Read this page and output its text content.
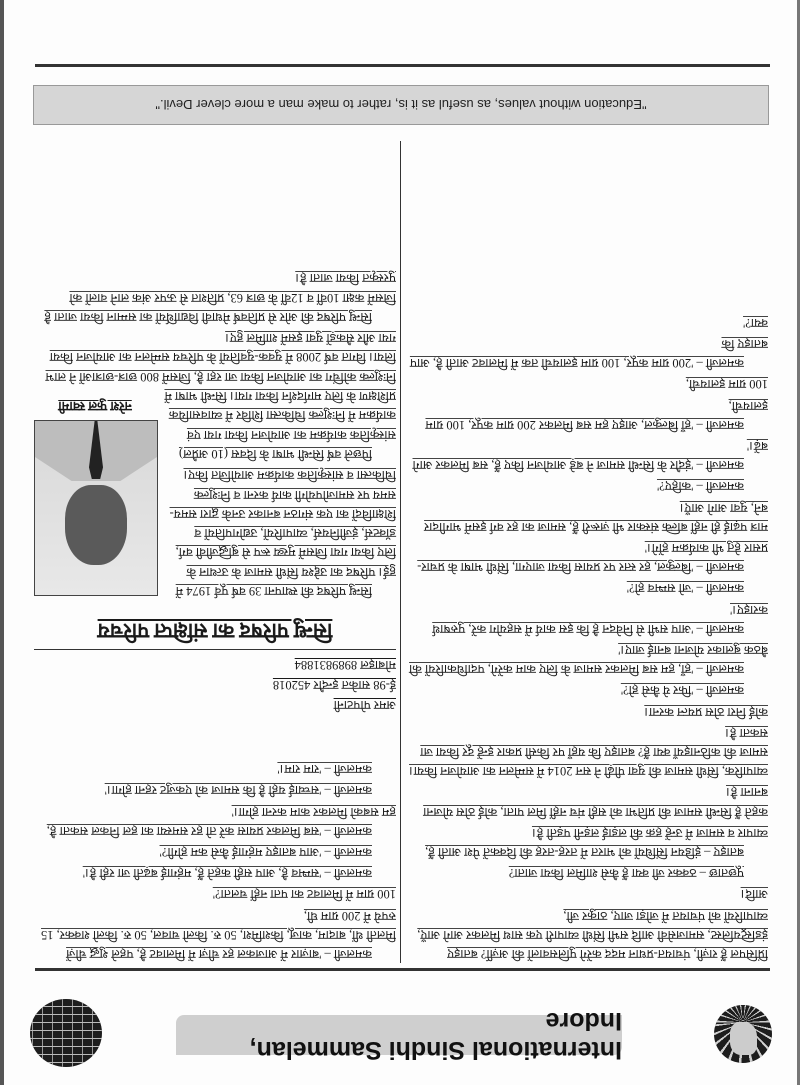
International Sindhi Sammelan, Indore

प्रिंसिपल हैं राज़ी, पंचायत-प्रधान मदद करेंगे पुलिसवालों की अर्ज़ी? बताइए इंडस्ट्रियलिस्ट, समाजसेवी आदि सभी सिंधी व्यापारी एक साथ मिलकर आगे आएँ, व्यापारियों को पंचायत में जोड़ा जाए, ठाकुर जी,

आदि।

पूछताछ – ठक्कर जी क्या हैं कैसे शामिल किया जाता?

बताइए – इंडियन सिंधियों को भारत में तरह-तरह की दिक्कतें पेश आती हैं, व्यापार व समाज में उन्हें हक़ की लड़ाई लड़नी पड़ती है।

कहते हैं सिन्धी समाज की प्रतिभा को सही मंच नहीं मिल पाता, कोई ठोस योजना बनाना है।

व्यापारिक, सिंधी समाज की युवा पीढ़ी ने सन 2014 में सम्मेलन का आयोजन किया। समाज की कठिनाइयाँ क्या हैं? बताइए कि यहाँ पर किसी प्रकार इन्हें दूर किया जा सकता है।

कोई निरा ठोस प्रयत्न करना।

कमलजी – 'फिर ये कैसे हो?'

कमलजी – 'हाँ, हम सब मिलकर समाज के लिए काम करेंगे, पदाधिकारियों की बैठक बुलाकर योजना बनाई जाए।'

कमलजी – 'आप सभी से निवेदन है कि इस कार्य में सहयोग करें, पुरुषार्थ कराइए।'

कमलजी – 'जो सम्भव हो?'

कमलजी – 'बिल्कुल, हर स्तर पर प्रयास किया जाएगा, सिंधी भाषा के प्रचार-प्रसार हेतु भी कार्यक्रम होंगे।'

मात्र पढ़ाई ही नहीं बल्कि संस्कार भी ज़रूरी हैं, समाज का हर वर्ग इसमें भागीदार बने, युवा आगे आएँ।

कमलजी – 'कहिए?'

कमलजी – 'इंदौर के सिन्धी समाज ने बड़े आयोजन किए हैं, सब मिलकर आगे बढ़ें।'

कमलजी – 'हाँ बिल्कुल, आइए हम सब मिलकर 200 ग्राम कपूर, 100 ग्राम इलायची,

100 ग्राम इलायची,

कमलजी – '200 ग्राम कपूर, 100 ग्राम इलायची तक में मिलावट आती है, आप बताइए कि

क्या?'

कमलजी – 'बाज़ार में आजकल हर चीज़ में मिलावट है, पहले शुद्ध चीज़ें मिलती थीं, बादाम, काजू, किशमिश, 50 रु. किलो चावल, 50 रु. किलो शक्कर, 15 रुपये में 200 ग्राम घी,

100 ग्राम में मिलावट का पता नहीं चलता?'

कमलजी – 'सम्भव है, आप सही कहते हैं, महंगाई बढ़ती जा रही है।'

कमलजी – 'आप बताइए महंगाई कैसे कम होगी?'

कमलजी – 'सब मिलकर प्रयास करें तो हर समस्या का हल निकल सकता है, हम सबको मिलकर काम करना होगा।'

कमलजी – 'सच्चाई यही है कि समाज को एकजुट रहना होगा।'

कमलजी – 'राम राम।'

अमर पोपटानी
ई-98 साकेत इन्दौर 452018
मोबाइल 8989831884
सिन्धु परिषद का संक्षिप्त परिचय

सिन्धु परिषद की स्थापना 39 वर्ष पूर्व 1974 में हुई। परिषद का उद्देश्य सिंधी समाज के उत्थान के लिए किया गया जिसमें मुख्य रूप से बुद्धिजीवी वर्ग, डॉक्टर्स, इंजीनियर्स, व्यापारियों, उद्योगपतियों व शिक्षाविदों का एक संगठन बनाकर उनके द्वारा समय-समय पर समाजोपयोगी कार्य करना व निःशुल्क चिकित्सा व सांस्कृतिक कार्यक्रम आयोजित किए।

नरेश फुल स्वामी

पिछले वर्ष सिन्धी भाषा के दिवस (10 अप्रैल) सांस्कृतिक कार्यक्रम का आयोजन किया गया एवं कार्यक्रम में निःशुल्क चिकित्सा शिविर में व्यावसायिक प्रशिक्षण के लिए मार्गदर्शन किया गया। सिन्धी भाषा में निःशुल्क कोचिंग का आयोजन किया जा रहा है, जिसमें 800 छात्र-छात्राओं ने लाभ लिया। विगत वर्ष 2008 में युवक-युवतियों के परिचय सम्मेलन का आयोजन किया गया और सैकड़ों युवा इसमें शामिल हुए।

सिन्धु परिषद की ओर से प्रतिवर्ष मेधावी विद्यार्थियों का सम्मान किया जाता है जिसमें कक्षा 10वीं व 12वीं के छात्र 63, प्रतिशत से ऊपर अंक लाने वालों को पुरस्कृत किया जाता है।

"Education without values, as useful as it is, rather to make man a more clever Devil."
